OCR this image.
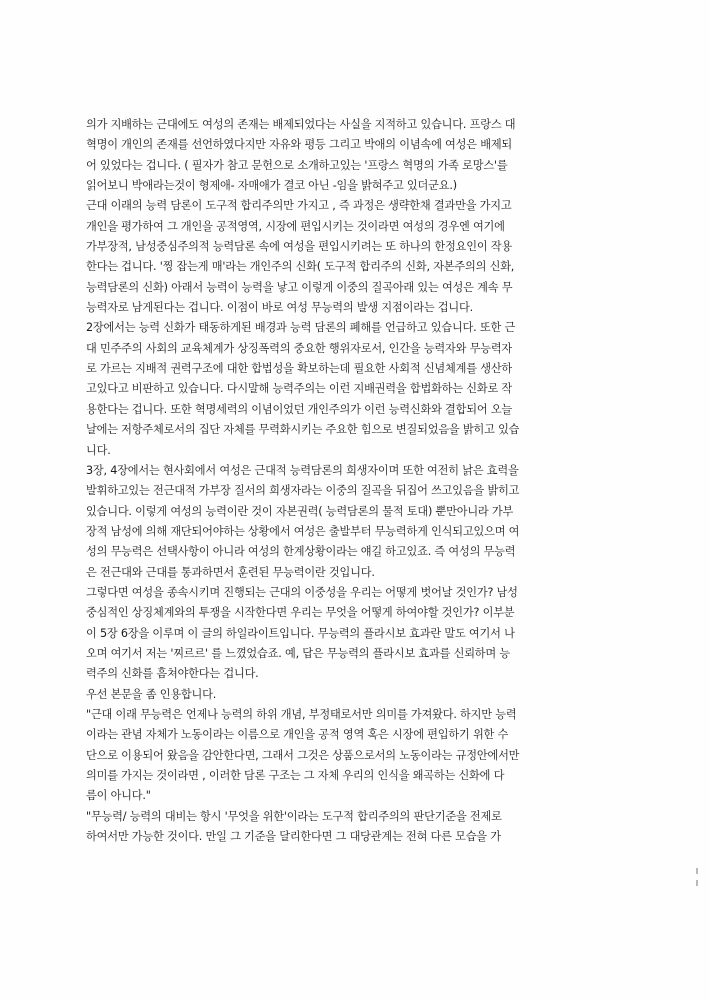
의가 지배하는 근대에도 여성의 존재는 배제되었다는 사실을 지적하고 있습니다. 프랑스 대
혁명이 개인의 존재를 선언하였다지만 자유와 평등 그리고 박애의 이념속에 여성은 배제되
어 있었다는 겁니다. ( 필자가 참고 문헌으로 소개하고있는 '프랑스 혁명의 가족 로망스'를
읽어보니 박애라는것이 형제애- 자매애가 결코 아닌 -임을 밝혀주고 있더군요.)
근대 이래의 능력 담론이 도구적 합리주의만 가지고 , 즉 과정은 생략한채 결과만을 가지고
개인을 평가하여 그 개인을 공적영역, 시장에 편입시키는 것이라면 여성의 경우엔 여기에
가부장적, 남성중심주의적 능력담론 속에 여성을 편입시키려는 또 하나의 한정요인이 작용
한다는 겁니다. '찡 잡는게 매'라는 개인주의 신화( 도구적 합리주의 신화, 자본주의의 신화,
능력담론의 신화) 아래서 능력이 능력을 낳고 이렇게 이중의 질곡아래 있는 여성은 계속 무
능력자로 남게된다는 겁니다. 이점이 바로 여성 무능력의 발생 지점이라는 겁니다.
2장에서는 능력 신화가 태동하게된 배경과 능력 담론의 폐해를 언급하고 있습니다. 또한 근
대 민주주의 사회의 교육체계가 상징폭력의 중요한 행위자로서, 인간을 능력자와 무능력자
로 가르는 지배적 권력구조에 대한 합법성을 확보하는데 필요한 사회적 신념체계를 생산하
고있다고 비판하고 있습니다. 다시말해 능력주의는 이런 지배권력을 합법화하는 신화로 작
용한다는 겁니다. 또한 혁명세력의 이념이었던 개인주의가 이런 능력신화와 결합되어 오늘
날에는 저항주체로서의 집단 자체를 무력화시키는 주요한 힘으로 변질되었음을 밝히고 있습
니다.
3장, 4장에서는 현사회에서 여성은 근대적 능력담론의 희생자이며 또한 여전히 낡은 효력을
발휘하고있는 전근대적 가부장 질서의 희생자라는 이중의 질곡을 뒤집어 쓰고있음을 밝히고
있습니다. 이렇게 여성의 능력이란 것이 자본권력( 능력담론의 물적 토대) 뿐만아니라 가부
장적 남성에 의해 재단되어야하는 상황에서 여성은 출발부터 무능력하게 인식되고있으며 여
성의 무능력은 선택사항이 아니라 여성의 한계상황이라는 얘길 하고있죠. 즉 여성의 무능력
은 전근대와 근대를 통과하면서 훈련된 무능력이란 것입니다.
그렇다면 여성을 종속시키며 진행되는 근대의 이중성을 우리는 어떻게 벗어날 것인가? 남성
중심적인 상징체계와의 투쟁을 시작한다면 우리는 무엇을 어떻게 하여야할 것인가? 이부분
이 5장 6장을 이루며 이 글의 하일라이트입니다. 무능력의 플라시보 효과란 말도 여기서 나
오며 여기서 저는 '찌르르' 를 느꼈었습죠. 예, 답은 무능력의 플라시보 효과를 신뢰하며 능
력주의 신화를 흠쳐야한다는 겁니다.
우선 본문을 좀 인용합니다.
"근대 이래 무능력은 언제나 능력의 하위 개념, 부정태로서만 의미를 가져왔다. 하지만 능력
이라는 관념 자체가 노동이라는 이름으로 개인을 공적 영역 혹은 시장에 편입하기 위한 수
단으로 이용되어 왔음을 감안한다면, 그래서 그것은 상품으로서의 노동이라는 규정안에서만
의미를 가지는 것이라면 , 이러한 담론 구조는 그 자체 우리의 인식을 왜곡하는 신화에 다
름이 아니다."
"무능력/ 능력의 대비는 항시 '무엇을 위한'이라는 도구적 합리주의의 판단기준을 전제로
하여서만 가능한 것이다. 만일 그 기준을 달리한다면 그 대당관계는 전혀 다른 모습을 가
